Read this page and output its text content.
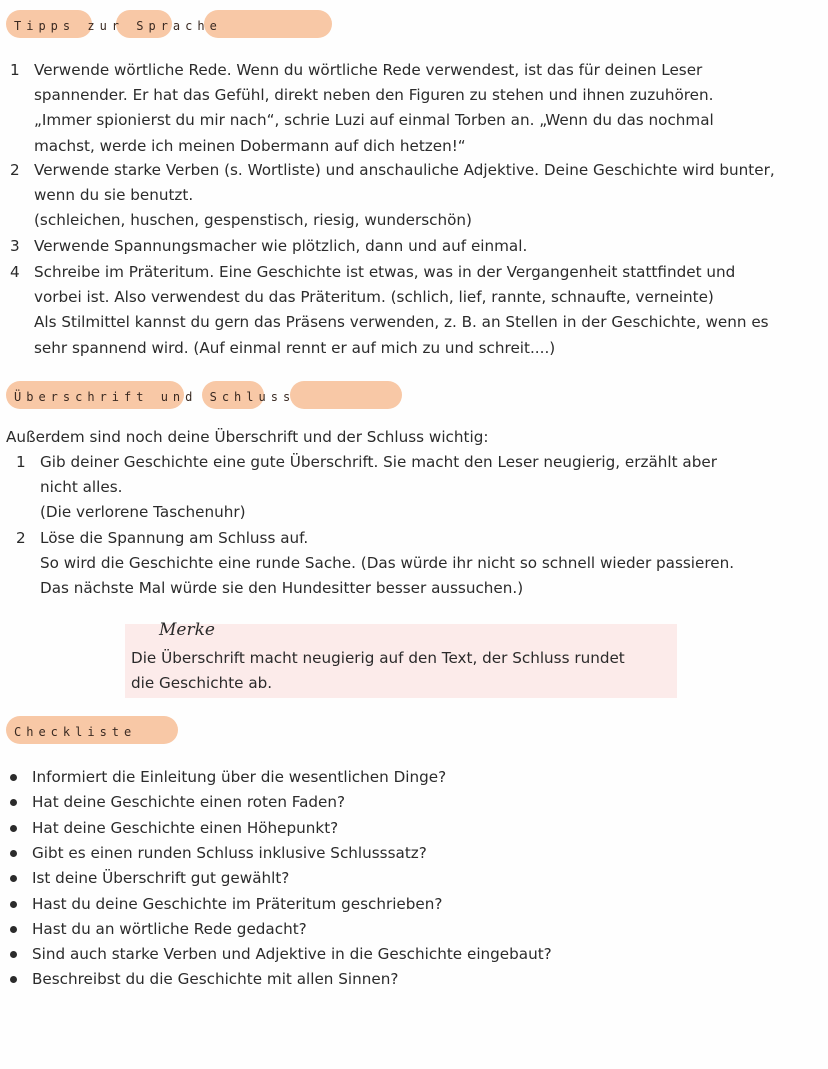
Tipps zur Sprache
1 Verwende wörtliche Rede. Wenn du wörtliche Rede verwendest, ist das für deinen Leser
spannender. Er hat das Gefühl, direkt neben den Figuren zu stehen und ihnen zuzuhören.
„Immer spionierst du mir nach“, schrie Luzi auf einmal Torben an. „Wenn du das nochmal
machst, werde ich meinen Dobermann auf dich hetzen!“
2 Verwende starke Verben (s. Wortliste) und anschauliche Adjektive. Deine Geschichte wird bunter,
wenn du sie benutzt.
(schleichen, huschen, gespenstisch, riesig, wunderschön)
3 Verwende Spannungsmacher wie plötzlich, dann und auf einmal.
4 Schreibe im Präteritum. Eine Geschichte ist etwas, was in der Vergangenheit stattfindet und
vorbei ist. Also verwendest du das Präteritum. (schlich, lief, rannte, schnaufte, verneinte)
Als Stilmittel kannst du gern das Präsens verwenden, z. B. an Stellen in der Geschichte, wenn es
sehr spannend wird. (Auf einmal rennt er auf mich zu und schreit....)
Überschrift und Schluss
Außerdem sind noch deine Überschrift und der Schluss wichtig:
1 Gib deiner Geschichte eine gute Überschrift. Sie macht den Leser neugierig, erzählt aber
nicht alles.
(Die verlorene Taschenuhr)
2 Löse die Spannung am Schluss auf.
So wird die Geschichte eine runde Sache. (Das würde ihr nicht so schnell wieder passieren.
Das nächste Mal würde sie den Hundesitter besser aussuchen.)
Merke
Die Überschrift macht neugierig auf den Text, der Schluss rundet
die Geschichte ab.
Checkliste
Informiert die Einleitung über die wesentlichen Dinge?
Hat deine Geschichte einen roten Faden?
Hat deine Geschichte einen Höhepunkt?
Gibt es einen runden Schluss inklusive Schlusssatz?
Ist deine Überschrift gut gewählt?
Hast du deine Geschichte im Präteritum geschrieben?
Hast du an wörtliche Rede gedacht?
Sind auch starke Verben und Adjektive in die Geschichte eingebaut?
Beschreibst du die Geschichte mit allen Sinnen?
